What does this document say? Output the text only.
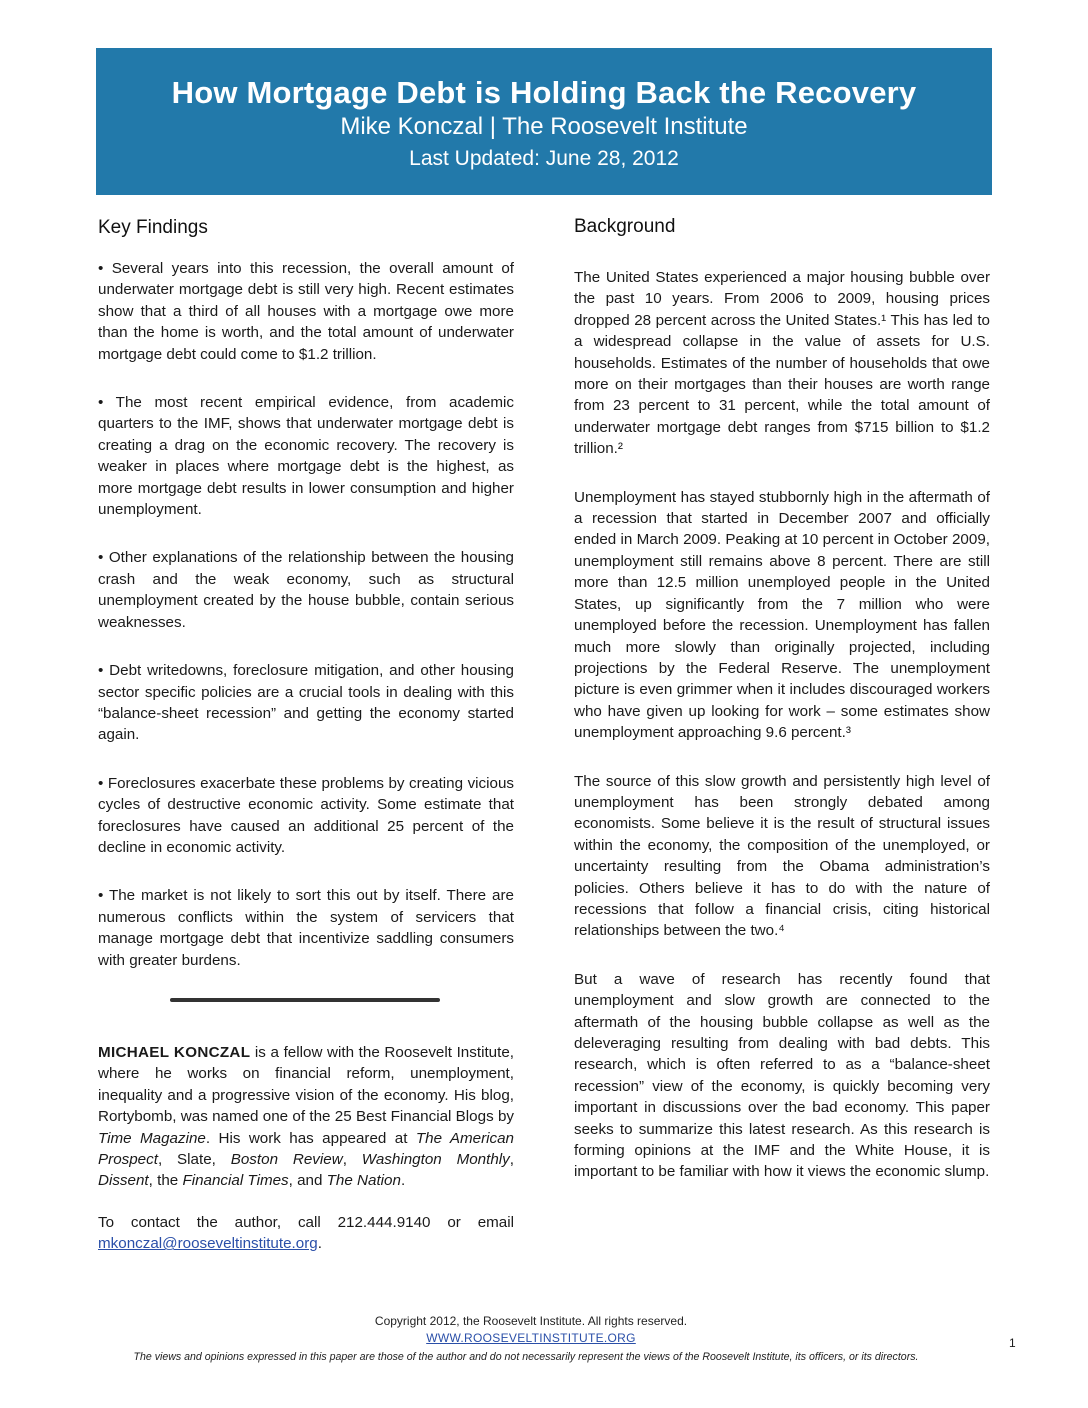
How Mortgage Debt is Holding Back the Recovery
Mike Konczal | The Roosevelt Institute
Last Updated: June 28, 2012
Key Findings

• Several years into this recession, the overall amount of underwater mortgage debt is still very high. Recent estimates show that a third of all houses with a mortgage owe more than the home is worth, and the total amount of underwater mortgage debt could come to $1.2 trillion.

• The most recent empirical evidence, from academic quarters to the IMF, shows that underwater mortgage debt is creating a drag on the economic recovery. The recovery is weaker in places where mortgage debt is the highest, as more mortgage debt results in lower consumption and higher unemployment.

• Other explanations of the relationship between the housing crash and the weak economy, such as structural unemployment created by the house bubble, contain serious weaknesses.

• Debt writedowns, foreclosure mitigation, and other housing sector specific policies are a crucial tools in dealing with this “balance-sheet recession” and getting the economy started again.

• Foreclosures exacerbate these problems by creating vicious cycles of destructive economic activity. Some estimate that foreclosures have caused an additional 25 percent of the decline in economic activity.

• The market is not likely to sort this out by itself. There are numerous conflicts within the system of servicers that manage mortgage debt that incentivize saddling consumers with greater burdens.

MICHAEL KONCZAL is a fellow with the Roosevelt Institute, where he works on financial reform, unemployment, inequality and a progressive vision of the economy. His blog, Rortybomb, was named one of the 25 Best Financial Blogs by Time Magazine. His work has appeared at The American Prospect, Slate, Boston Review, Washington Monthly, Dissent, the Financial Times, and The Nation.

To contact the author, call 212.444.9140 or email mkonczal@rooseveltinstitute.org.

Background

The United States experienced a major housing bubble over the past 10 years. From 2006 to 2009, housing prices dropped 28 percent across the United States.¹ This has led to a widespread collapse in the value of assets for U.S. households. Estimates of the number of households that owe more on their mortgages than their houses are worth range from 23 percent to 31 percent, while the total amount of underwater mortgage debt ranges from $715 billion to $1.2 trillion.²

Unemployment has stayed stubbornly high in the aftermath of a recession that started in December 2007 and officially ended in March 2009. Peaking at 10 percent in October 2009, unemployment still remains above 8 percent. There are still more than 12.5 million unemployed people in the United States, up significantly from the 7 million who were unemployed before the recession. Unemployment has fallen much more slowly than originally projected, including projections by the Federal Reserve. The unemployment picture is even grimmer when it includes discouraged workers who have given up looking for work – some estimates show unemployment approaching 9.6 percent.³

The source of this slow growth and persistently high level of unemployment has been strongly debated among economists. Some believe it is the result of structural issues within the economy, the composition of the unemployed, or uncertainty resulting from the Obama administration’s policies. Others believe it has to do with the nature of recessions that follow a financial crisis, citing historical relationships between the two.⁴

But a wave of research has recently found that unemployment and slow growth are connected to the aftermath of the housing bubble collapse as well as the deleveraging resulting from dealing with bad debts. This research, which is often referred to as a “balance-sheet recession” view of the economy, is quickly becoming very important in discussions over the bad economy. This paper seeks to summarize this latest research. As this research is forming opinions at the IMF and the White House, it is important to be familiar with how it views the economic slump.

Copyright 2012, the Roosevelt Institute. All rights reserved.
WWW.ROOSEVELTINSTITUTE.ORG
The views and opinions expressed in this paper are those of the author and do not necessarily represent the views of the Roosevelt Institute, its officers, or its directors.
1
